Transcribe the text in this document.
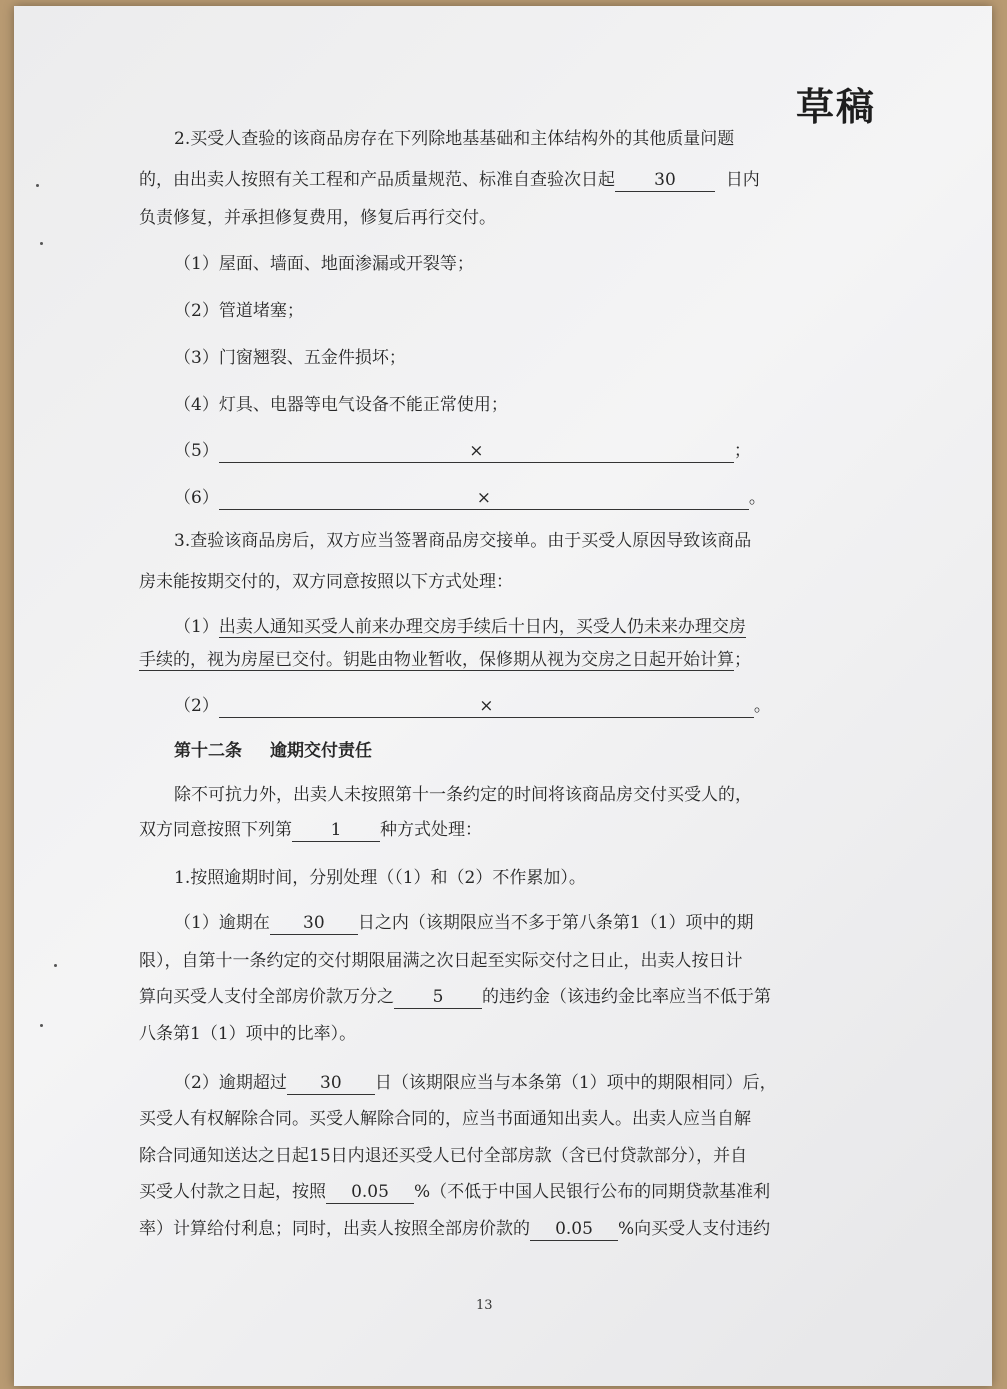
草稿

2.买受人查验的该商品房存在下列除地基基础和主体结构外的其他质量问题

的，由出卖人按照有关工程和产品质量规范、标准自查验次日起 30	日内

负责修复，并承担修复费用，修复后再行交付。

（1）屋面、墙面、地面渗漏或开裂等；

（2）管道堵塞；

（3）门窗翘裂、五金件损坏；

（4）灯具、电器等电气设备不能正常使用；

（5）	×	；

（6）	×	。

3.查验该商品房后，双方应当签署商品房交接单。由于买受人原因导致该商品

房未能按期交付的，双方同意按照以下方式处理：

（1）出卖人通知买受人前来办理交房手续后十日内，买受人仍未来办理交房

手续的，视为房屋已交付。钥匙由物业暂收，保修期从视为交房之日起开始计算；

（2）	×	。

第十二条 逾期交付责任

除不可抗力外，出卖人未按照第十一条约定的时间将该商品房交付买受人的，

双方同意按照下列第 1 种方式处理：

1.按照逾期时间，分别处理（（1）和（2）不作累加）。

（1）逾期在 30 日之内（该期限应当不多于第八条第1（1）项中的期

限），自第十一条约定的交付期限届满之次日起至实际交付之日止，出卖人按日计

算向买受人支付全部房价款万分之 5 的违约金（该违约金比率应当不低于第

八条第1（1）项中的比率）。

（2）逾期超过 30 日（该期限应当与本条第（1）项中的期限相同）后，

买受人有权解除合同。买受人解除合同的，应当书面通知出卖人。出卖人应当自解

除合同通知送达之日起15日内退还买受人已付全部房款（含已付贷款部分），并自

买受人付款之日起，按照 0.05 %（不低于中国人民银行公布的同期贷款基准利

率）计算给付利息；同时，出卖人按照全部房价款的 0.05 %向买受人支付违约

13
